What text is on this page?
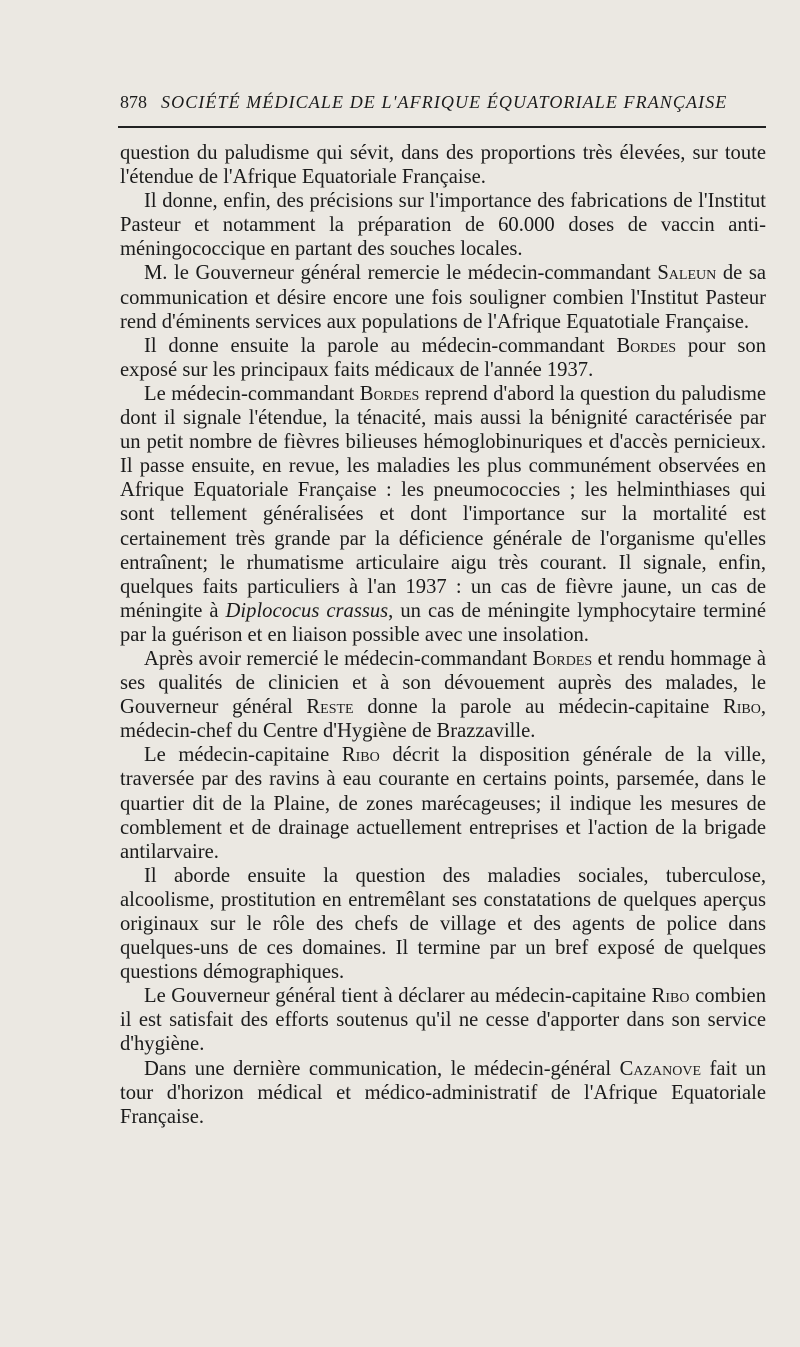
878 SOCIÉTÉ MÉDICALE DE L'AFRIQUE ÉQUATORIALE FRANÇAISE

question du paludisme qui sévit, dans des proportions très élevées, sur toute l'étendue de l'Afrique Equatoriale Française.

Il donne, enfin, des précisions sur l'importance des fabrications de l'Institut Pasteur et notamment la préparation de 60.000 doses de vaccin anti-méningococcique en partant des souches locales.

M. le Gouverneur général remercie le médecin-commandant Saleun de sa communication et désire encore une fois souligner combien l'Institut Pasteur rend d'éminents services aux populations de l'Afrique Equatotiale Française.

Il donne ensuite la parole au médecin-commandant Bordes pour son exposé sur les principaux faits médicaux de l'année 1937.

Le médecin-commandant Bordes reprend d'abord la question du paludisme dont il signale l'étendue, la ténacité, mais aussi la bénignité caractérisée par un petit nombre de fièvres bilieuses hémoglobinuriques et d'accès pernicieux. Il passe ensuite, en revue, les maladies les plus communément observées en Afrique Equatoriale Française : les pneumococcies ; les helminthiases qui sont tellement généralisées et dont l'importance sur la mortalité est certainement très grande par la déficience générale de l'organisme qu'elles entraînent; le rhumatisme articulaire aigu très courant. Il signale, enfin, quelques faits particuliers à l'an 1937 : un cas de fièvre jaune, un cas de méningite à Diplococus crassus, un cas de méningite lymphocytaire terminé par la guérison et en liaison possible avec une insolation.

Après avoir remercié le médecin-commandant Bordes et rendu hommage à ses qualités de clinicien et à son dévouement auprès des malades, le Gouverneur général Reste donne la parole au médecin-capitaine Ribo, médecin-chef du Centre d'Hygiène de Brazzaville.

Le médecin-capitaine Ribo décrit la disposition générale de la ville, traversée par des ravins à eau courante en certains points, parsemée, dans le quartier dit de la Plaine, de zones marécageuses; il indique les mesures de comblement et de drainage actuellement entreprises et l'action de la brigade antilarvaire.

Il aborde ensuite la question des maladies sociales, tuberculose, alcoolisme, prostitution en entremêlant ses constatations de quelques aperçus originaux sur le rôle des chefs de village et des agents de police dans quelques-uns de ces domaines. Il termine par un bref exposé de quelques questions démographiques.

Le Gouverneur général tient à déclarer au médecin-capitaine Ribo combien il est satisfait des efforts soutenus qu'il ne cesse d'apporter dans son service d'hygiène.

Dans une dernière communication, le médecin-général Cazanove fait un tour d'horizon médical et médico-administratif de l'Afrique Equatoriale Française.
